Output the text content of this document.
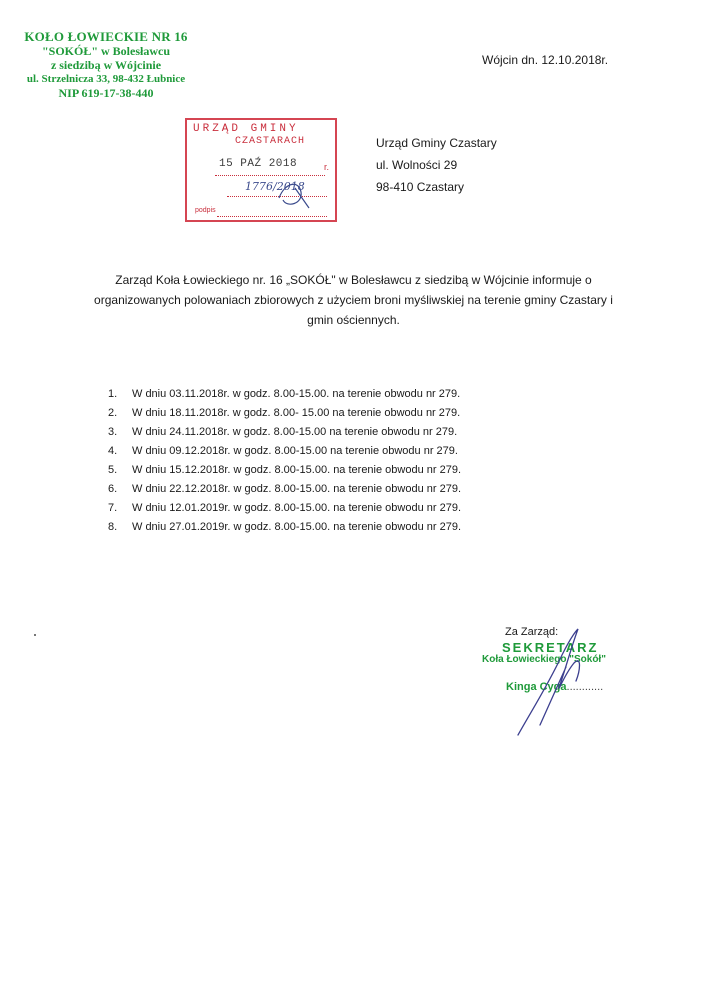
KOŁO ŁOWIECKIE NR 16
"SOKÓŁ" w Bolesławcu
z siedzibą w Wójcinie
ul. Strzelnicza 33, 98-432 Łubnice
NIP 619-17-38-440
Wójcin dn. 12.10.2018r.
URZĄD GMINY
CZASTARACH
15 PAŹ 2018	r.
1776/2018
podpis
Urząd Gminy Czastary
ul. Wolności 29
98-410 Czastary
Zarząd Koła Łowieckiego nr. 16 „SOKÓŁ" w Bolesławcu z siedzibą w Wójcinie informuje o organizowanych polowaniach zbiorowych z użyciem broni myśliwskiej na terenie gminy Czastary i gmin ościennych.
1. W dniu 03.11.2018r. w godz. 8.00-15.00. na terenie obwodu nr 279.
2. W dniu 18.11.2018r. w godz. 8.00- 15.00 na terenie obwodu nr 279.
3. W dniu 24.11.2018r. w godz. 8.00-15.00 na terenie obwodu nr 279.
4. W dniu 09.12.2018r. w godz. 8.00-15.00 na terenie obwodu nr 279.
5. W dniu 15.12.2018r. w godz. 8.00-15.00. na terenie obwodu nr 279.
6. W dniu 22.12.2018r. w godz. 8.00-15.00. na terenie obwodu nr 279.
7. W dniu 12.01.2019r. w godz. 8.00-15.00. na terenie obwodu nr 279.
8. W dniu 27.01.2019r. w godz. 8.00-15.00. na terenie obwodu nr 279.
Za Zarząd:
SEKRETARZ
Koła Łowieckiego "Sokół"
Kinga Cyga............
